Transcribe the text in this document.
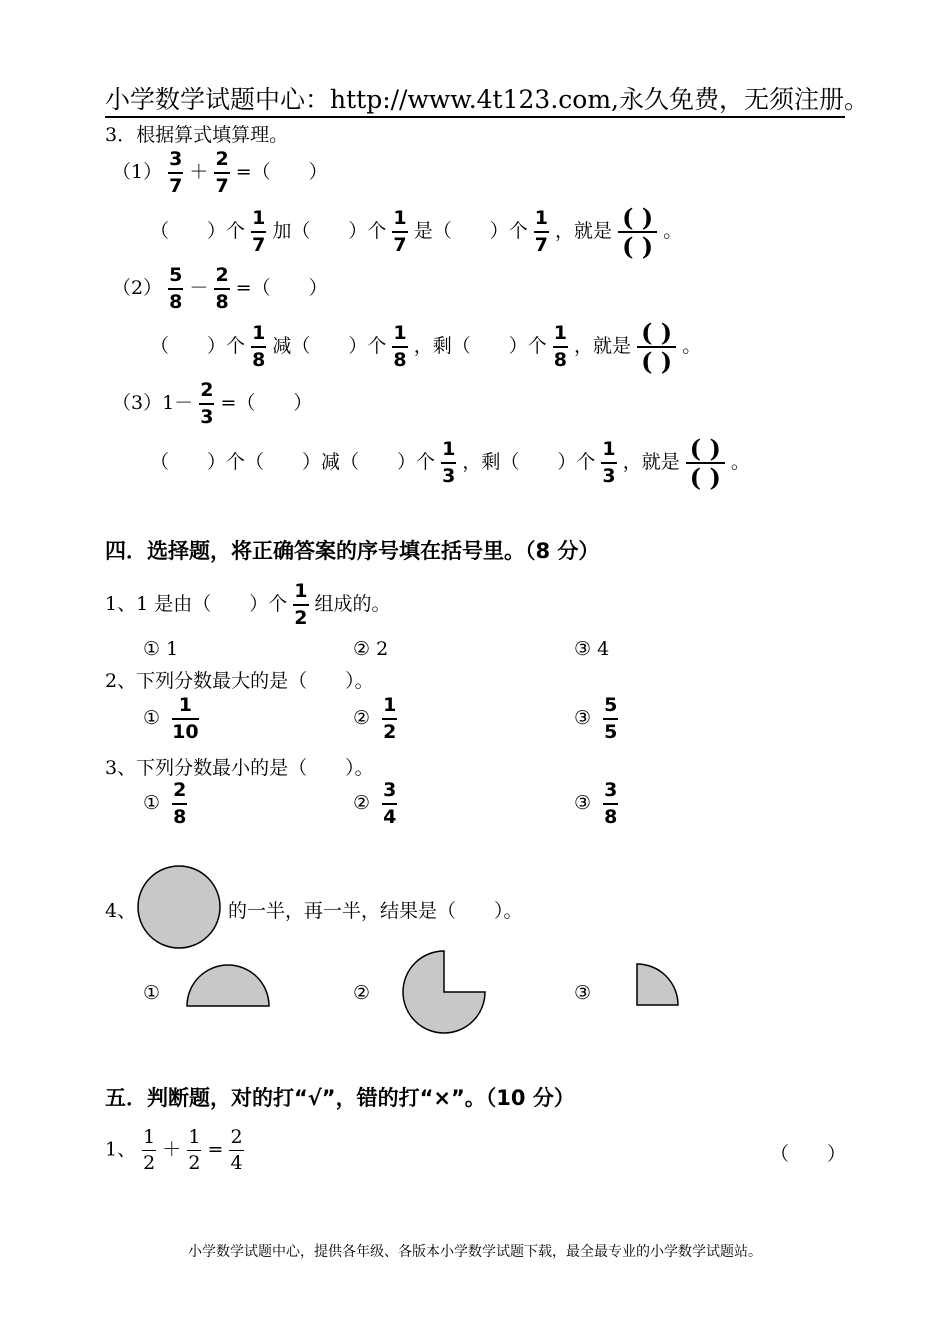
小学数学试题中心：http://www.4t123.com,永久免费，无须注册。
3．根据算式填算理。
$(1) \frac{3}{7} + \frac{2}{7}$ =（　　）
（　　）个 $\frac{1}{7}$ 加（　　）个 $\frac{1}{7}$ 是（　　）个 $\frac{1}{7}$ ，就是 ( )
( )
。
$(2) \frac{5}{8} - \frac{2}{8}$ =（　　）
（　　）个 $\frac{1}{8}$ 减（　　）个 $\frac{1}{8}$ ，剩（　　）个 $\frac{1}{8}$ ，就是 ( )
( )
。
$(3)1- \frac{2}{3}$ =（　　）
（　　）个（　　）减（　　）个 $\frac{1}{3}$ ，剩（　　）个 $\frac{1}{3}$ ，就是 ( )
( )
。
四．选择题，将正确答案的序号填在括号里。（8 分）
1、1 是由（　　）个 $\frac{1}{2}$ 组成的。
① 1	② 2	③ 4
2、下列分数最大的是（　　）。
① $\frac{1}{10}$	② $\frac{1}{2}$	③ $\frac{5}{5}$
3、下列分数最小的是（　　）。
① $\frac{2}{8}$	② $\frac{3}{4}$	③ $\frac{3}{8}$
4、	的一半，再一半，结果是（　　）。
①	②	③
五．判断题，对的打“√”，错的打“×”。（10 分）
1、 $\frac{1}{2} + \frac{1}{2} = \frac{2}{4}$	（　　）
小学数学试题中心，提供各年级、各版本小学数学试题下载，最全最专业的小学数学试题站。
